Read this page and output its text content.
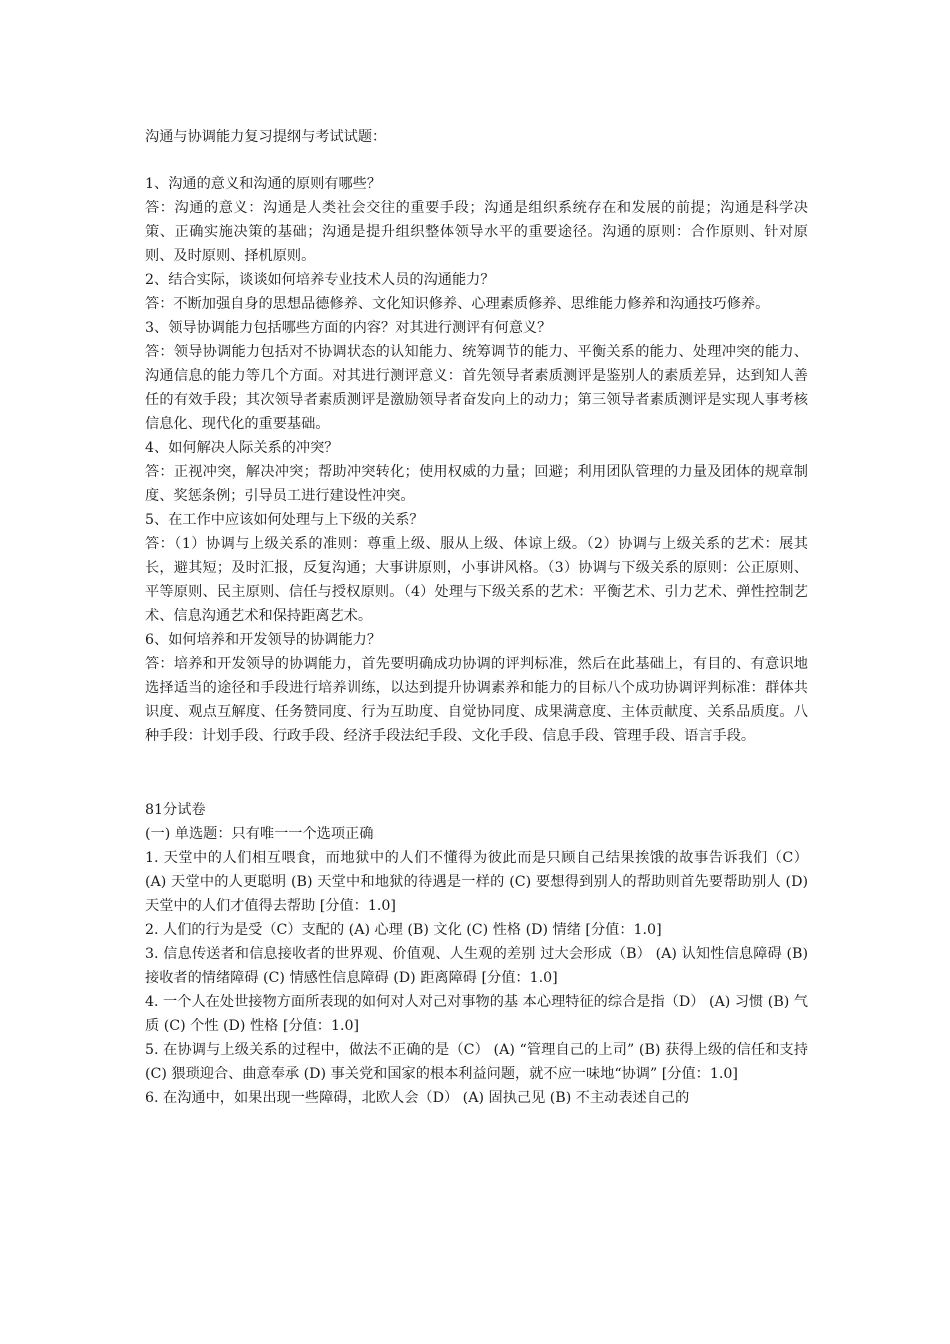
沟通与协调能力复习提纲与考试试题：

1、沟通的意义和沟通的原则有哪些？

答：沟通的意义：沟通是人类社会交往的重要手段；沟通是组织系统存在和发展的前提；沟通是科学决策、正确实施决策的基础；沟通是提升组织整体领导水平的重要途径。沟通的原则：合作原则、针对原则、及时原则、择机原则。

2、结合实际，谈谈如何培养专业技术人员的沟通能力？

答：不断加强自身的思想品德修养、文化知识修养、心理素质修养、思维能力修养和沟通技巧修养。

3、领导协调能力包括哪些方面的内容？对其进行测评有何意义？

答：领导协调能力包括对不协调状态的认知能力、统筹调节的能力、平衡关系的能力、处理冲突的能力、沟通信息的能力等几个方面。对其进行测评意义：首先领导者素质测评是鉴别人的素质差异，达到知人善任的有效手段；其次领导者素质测评是激励领导者奋发向上的动力；第三领导者素质测评是实现人事考核信息化、现代化的重要基础。

4、如何解决人际关系的冲突？

答：正视冲突，解决冲突；帮助冲突转化；使用权威的力量；回避；利用团队管理的力量及团体的规章制度、奖惩条例；引导员工进行建设性冲突。

5、在工作中应该如何处理与上下级的关系？

答：（1）协调与上级关系的准则：尊重上级、服从上级、体谅上级。（2）协调与上级关系的艺术：展其长，避其短；及时汇报，反复沟通；大事讲原则，小事讲风格。（3）协调与下级关系的原则：公正原则、平等原则、民主原则、信任与授权原则。（4）处理与下级关系的艺术：平衡艺术、引力艺术、弹性控制艺术、信息沟通艺术和保持距离艺术。

6、如何培养和开发领导的协调能力？

答：培养和开发领导的协调能力，首先要明确成功协调的评判标准，然后在此基础上，有目的、有意识地选择适当的途径和手段进行培养训练，以达到提升协调素养和能力的目标八个成功协调评判标准：群体共识度、观点互解度、任务赞同度、行为互助度、自觉协同度、成果满意度、主体贡献度、关系品质度。八种手段：计划手段、行政手段、经济手段法纪手段、文化手段、信息手段、管理手段、语言手段。

81分试卷

(一) 单选题：只有唯一一个选项正确

1. 天堂中的人们相互喂食，而地狱中的人们不懂得为彼此而是只顾自己结果挨饿的故事告诉我们（C） (A) 天堂中的人更聪明 (B) 天堂中和地狱的待遇是一样的 (C) 要想得到别人的帮助则首先要帮助别人 (D) 天堂中的人们才值得去帮助 [分值：1.0]

2. 人们的行为是受（C）支配的 (A) 心理 (B) 文化 (C) 性格 (D) 情绪 [分值：1.0]

3. 信息传送者和信息接收者的世界观、价值观、人生观的差别 过大会形成（B） (A) 认知性信息障碍 (B) 接收者的情绪障碍 (C) 情感性信息障碍 (D) 距离障碍 [分值：1.0]

4. 一个人在处世接物方面所表现的如何对人对己对事物的基 本心理特征的综合是指（D） (A) 习惯 (B) 气质 (C) 个性 (D) 性格 [分值：1.0]

5. 在协调与上级关系的过程中，做法不正确的是（C） (A) “管理自己的上司” (B) 获得上级的信任和支持 (C) 猥琐迎合、曲意奉承 (D) 事关党和国家的根本利益问题，就不应一味地“协调” [分值：1.0]

6. 在沟通中，如果出现一些障碍，北欧人会（D） (A) 固执己见 (B) 不主动表述自己的
